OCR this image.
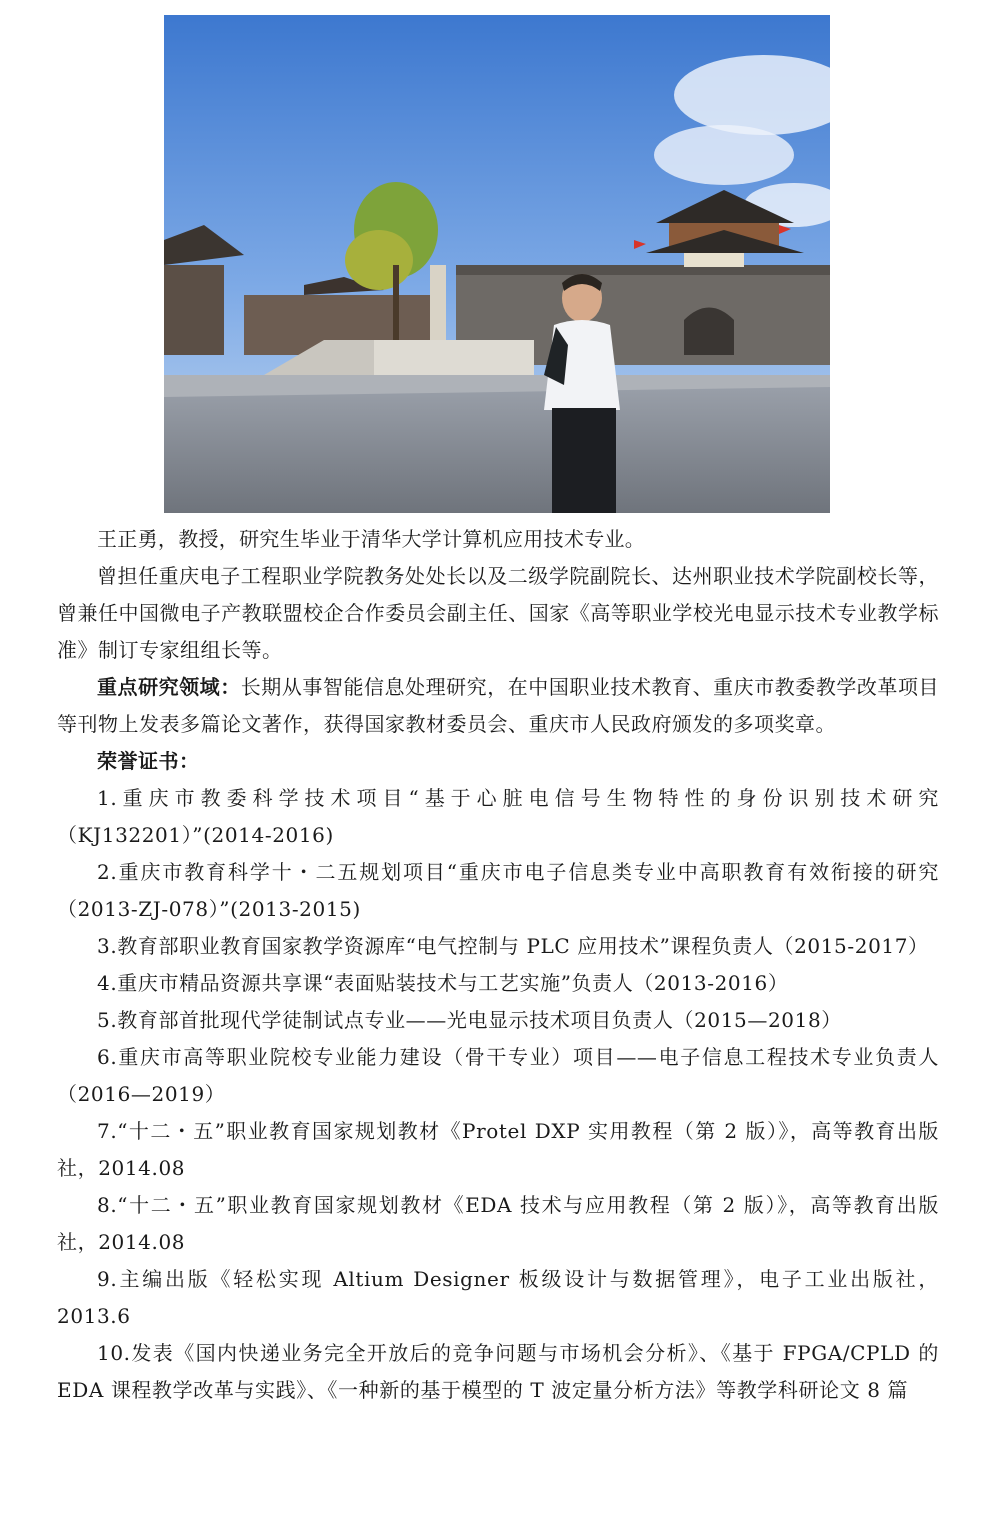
王正勇，教授，研究生毕业于清华大学计算机应用技术专业。

曾担任重庆电子工程职业学院教务处处长以及二级学院副院长、达州职业技术学院副校长等，曾兼任中国微电子产教联盟校企合作委员会副主任、国家《高等职业学校光电显示技术专业教学标准》制订专家组组长等。

重点研究领域：长期从事智能信息处理研究，在中国职业技术教育、重庆市教委教学改革项目等刊物上发表多篇论文著作，获得国家教材委员会、重庆市人民政府颁发的多项奖章。

荣誉证书：

1.重庆市教委科学技术项目“基于心脏电信号生物特性的身份识别技术研究（KJ132201）”(2014-2016)

2.重庆市教育科学十・二五规划项目“重庆市电子信息类专业中高职教育有效衔接的研究（2013-ZJ-078）”(2013-2015)

3.教育部职业教育国家教学资源库“电气控制与 PLC 应用技术”课程负责人（2015-2017）

4.重庆市精品资源共享课“表面贴装技术与工艺实施”负责人（2013-2016）

5.教育部首批现代学徒制试点专业——光电显示技术项目负责人（2015—2018）

6.重庆市高等职业院校专业能力建设（骨干专业）项目——电子信息工程技术专业负责人（2016—2019）

7.“十二・五”职业教育国家规划教材《Protel DXP 实用教程（第 2 版）》，高等教育出版社，2014.08

8.“十二・五”职业教育国家规划教材《EDA 技术与应用教程（第 2 版）》，高等教育出版社，2014.08

9.主编出版《轻松实现 Altium Designer 板级设计与数据管理》，电子工业出版社，2013.6

10.发表《国内快递业务完全开放后的竞争问题与市场机会分析》、《基于 FPGA/CPLD 的 EDA 课程教学改革与实践》、《一种新的基于模型的 T 波定量分析方法》等教学科研论文 8 篇
